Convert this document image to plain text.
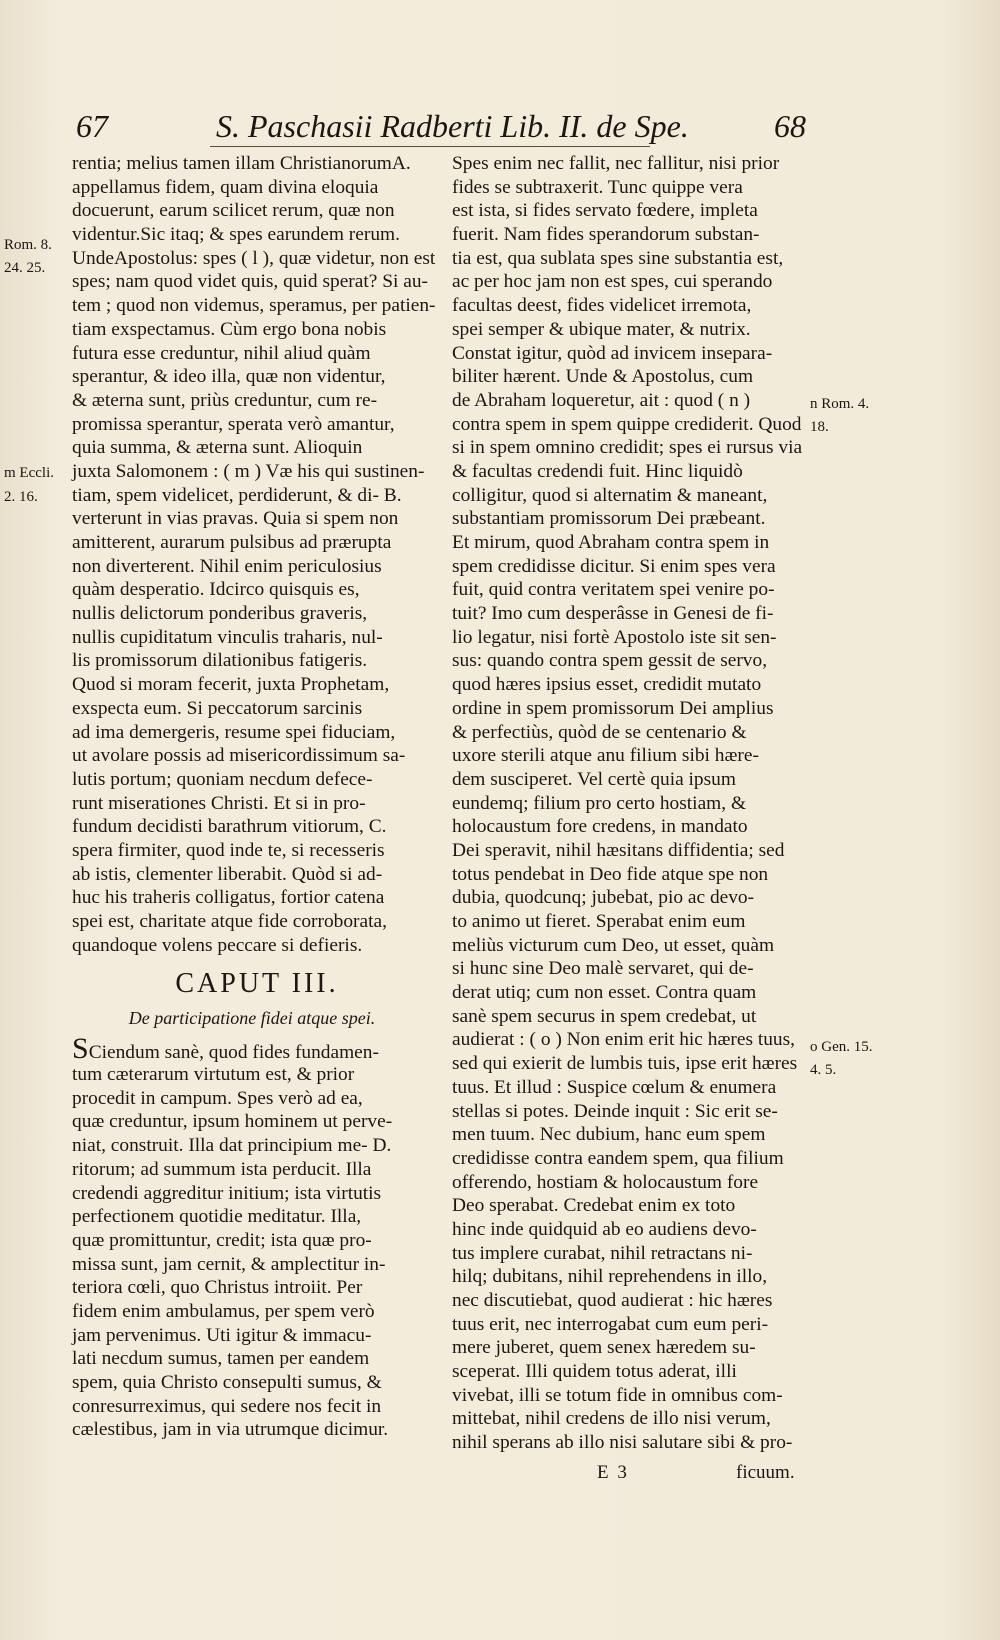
67	S. Paschasii Radberti Lib. II. de Spe.	68
rentia; melius tamen illam ChristianorumA.
appellamus fidem, quam divina eloquia
docuerunt, earum scilicet rerum, quæ non
videntur.Sic itaq; & spes earundem rerum.
UndeApostolus: spes ( l ), quæ videtur, non est
spes; nam quod videt quis, quid sperat? Si au-
tem ; quod non videmus, speramus, per patien-
tiam exspectamus. Cùm ergo bona nobis
futura esse creduntur, nihil aliud quàm
sperantur, & ideo illa, quæ non videntur,
& æterna sunt, priùs creduntur, cum re-
promissa sperantur, sperata verò amantur,
quia summa, & æterna sunt. Alioquin
juxta Salomonem : ( m ) Væ his qui sustinen-
tiam, spem videlicet, perdiderunt, & di- B.
verterunt in vias pravas. Quia si spem non
amitterent, aurarum pulsibus ad prærupta
non diverterent. Nihil enim periculosius
quàm desperatio. Idcirco quisquis es,
nullis delictorum ponderibus graveris,
nullis cupiditatum vinculis traharis, nul-
lis promissorum dilationibus fatigeris.
Quod si moram fecerit, juxta Prophetam,
exspecta eum. Si peccatorum sarcinis
ad ima demergeris, resume spei fiduciam,
ut avolare possis ad misericordissimum sa-
lutis portum; quoniam necdum defece-
runt miserationes Christi. Et si in pro-
fundum decidisti barathrum vitiorum, C.
spera firmiter, quod inde te, si recesseris
ab istis, clementer liberabit. Quòd si ad-
huc his traheris colligatus, fortior catena
spei est, charitate atque fide corroborata,
quandoque volens peccare si defieris.
CAPUT III.
De participatione fidei atque spei.
SCiendum sanè, quod fides fundamen-
tum cæterarum virtutum est, & prior
procedit in campum. Spes verò ad ea,
quæ creduntur, ipsum hominem ut perve-
niat, construit. Illa dat principium me- D.
ritorum; ad summum ista perducit. Illa
credendi aggreditur initium; ista virtutis
perfectionem quotidie meditatur. Illa,
quæ promittuntur, credit; ista quæ pro-
missa sunt, jam cernit, & amplectitur in-
teriora cœli, quo Christus introiit. Per
fidem enim ambulamus, per spem verò
jam pervenimus. Uti igitur & immacu-
lati necdum sumus, tamen per eandem
spem, quia Christo consepulti sumus, &
conresurreximus, qui sedere nos fecit in
cælestibus, jam in via utrumque dicimur.
Spes enim nec fallit, nec fallitur, nisi prior
fides se subtraxerit. Tunc quippe vera
est ista, si fides servato fœdere, impleta
fuerit. Nam fides sperandorum substan-
tia est, qua sublata spes sine substantia est,
ac per hoc jam non est spes, cui sperando
facultas deest, fides videlicet irremota,
spei semper & ubique mater, & nutrix.
Constat igitur, quòd ad invicem insepara-
biliter hærent. Unde & Apostolus, cum
de Abraham loqueretur, ait : quod ( n )
contra spem in spem quippe crediderit. Quod
si in spem omnino credidit; spes ei rursus via
& facultas credendi fuit. Hinc liquidò
colligitur, quod si alternatim & maneant,
substantiam promissorum Dei præbeant.
Et mirum, quod Abraham contra spem in
spem credidisse dicitur. Si enim spes vera
fuit, quid contra veritatem spei venire po-
tuit? Imo cum desperâsse in Genesi de fi-
lio legatur, nisi fortè Apostolo iste sit sen-
sus: quando contra spem gessit de servo,
quod hæres ipsius esset, credidit mutato
ordine in spem promissorum Dei amplius
& perfectiùs, quòd de se centenario &
uxore sterili atque anu filium sibi hære-
dem susciperet. Vel certè quia ipsum
eundemq; filium pro certo hostiam, &
holocaustum fore credens, in mandato
Dei speravit, nihil hæsitans diffidentia; sed
totus pendebat in Deo fide atque spe non
dubia, quodcunq; jubebat, pio ac devo-
to animo ut fieret. Sperabat enim eum
meliùs victurum cum Deo, ut esset, quàm
si hunc sine Deo malè servaret, qui de-
derat utiq; cum non esset. Contra quam
sanè spem securus in spem credebat, ut
audierat : ( o ) Non enim erit hic hæres tuus,
sed qui exierit de lumbis tuis, ipse erit hæres
tuus. Et illud : Suspice cœlum & enumera
stellas si potes. Deinde inquit : Sic erit se-
men tuum. Nec dubium, hanc eum spem
credidisse contra eandem spem, qua filium
offerendo, hostiam & holocaustum fore
Deo sperabat. Credebat enim ex toto
hinc inde quidquid ab eo audiens devo-
tus implere curabat, nihil retractans ni-
hilq; dubitans, nihil reprehendens in illo,
nec discutiebat, quod audierat : hic hæres
tuus erit, nec interrogabat cum eum peri-
mere juberet, quem senex hæredem su-
sceperat. Illi quidem totus aderat, illi
vivebat, illi se totum fide in omnibus com-
mittebat, nihil credens de illo nisi verum,
nihil sperans ab illo nisi salutare sibi & pro-
Rom. 8.
24. 25.
m Eccli.
2. 16.
n Rom. 4.
18.
o Gen. 15.
4. 5.
E 3	ficuum.
